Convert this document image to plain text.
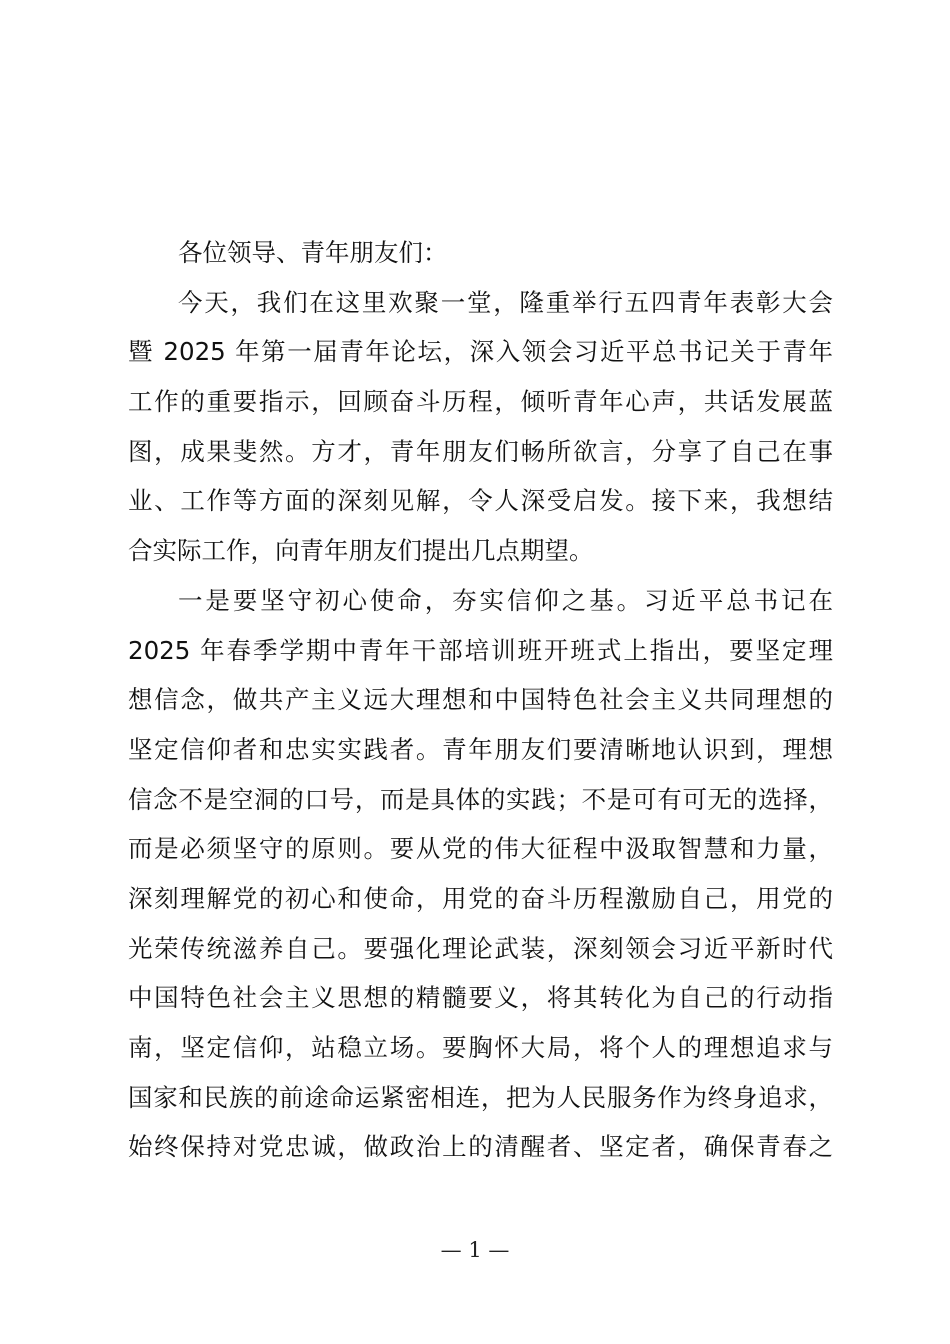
各位领导、青年朋友们：
今天，我们在这里欢聚一堂，隆重举行五四青年表彰大会
暨 2025 年第一届青年论坛，深入领会习近平总书记关于青年
工作的重要指示，回顾奋斗历程，倾听青年心声，共话发展蓝
图，成果斐然。方才，青年朋友们畅所欲言，分享了自己在事
业、工作等方面的深刻见解，令人深受启发。接下来，我想结
合实际工作，向青年朋友们提出几点期望。
一是要坚守初心使命，夯实信仰之基。习近平总书记在
2025 年春季学期中青年干部培训班开班式上指出，要坚定理
想信念，做共产主义远大理想和中国特色社会主义共同理想的
坚定信仰者和忠实实践者。青年朋友们要清晰地认识到，理想
信念不是空洞的口号，而是具体的实践；不是可有可无的选择，
而是必须坚守的原则。要从党的伟大征程中汲取智慧和力量，
深刻理解党的初心和使命，用党的奋斗历程激励自己，用党的
光荣传统滋养自己。要强化理论武装，深刻领会习近平新时代
中国特色社会主义思想的精髓要义，将其转化为自己的行动指
南，坚定信仰，站稳立场。要胸怀大局，将个人的理想追求与
国家和民族的前途命运紧密相连，把为人民服务作为终身追求，
始终保持对党忠诚，做政治上的清醒者、坚定者，确保青春之
— 1 —
